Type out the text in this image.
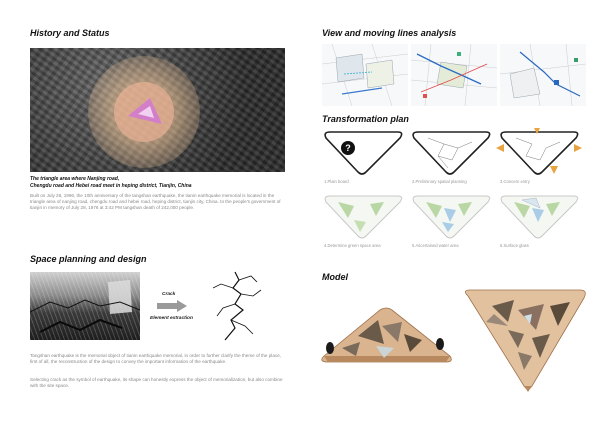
History and Status
The triangle area where Nanjing road,
Chengdu road and Hebei road meet in heping district, Tianjin, China
Built on July 28, 1996, the 10th anniversary of the tangshan earthquake, the tianin earthquake memorial is located in the triangle area of nanjing road, chengdu road and hebei road, heping district, tianjin city, China. to the people's government of tianjin in memory of July 28, 1976 at 3:42 PM tangshan death of 242,000 people.
Space planning and design
Crack
Element extraction
Tangshan earthquake is the memorial object of tianin earthquake memorial, in order to further clarify the theme of the place, first of all, the reconstruction of the design to convey the important information of the earthquake.
Selecting crack as the symbol of earthquake, its shape can honestly express the object of memorialization, but also combine with the site space.
View and moving lines analysis
Transformation plan
?
1.Plain board	2.Preliminary spatial planning	3.Concern entry
4.Determine green space area	5.Ascertained water area	6.Surface glass
Model
